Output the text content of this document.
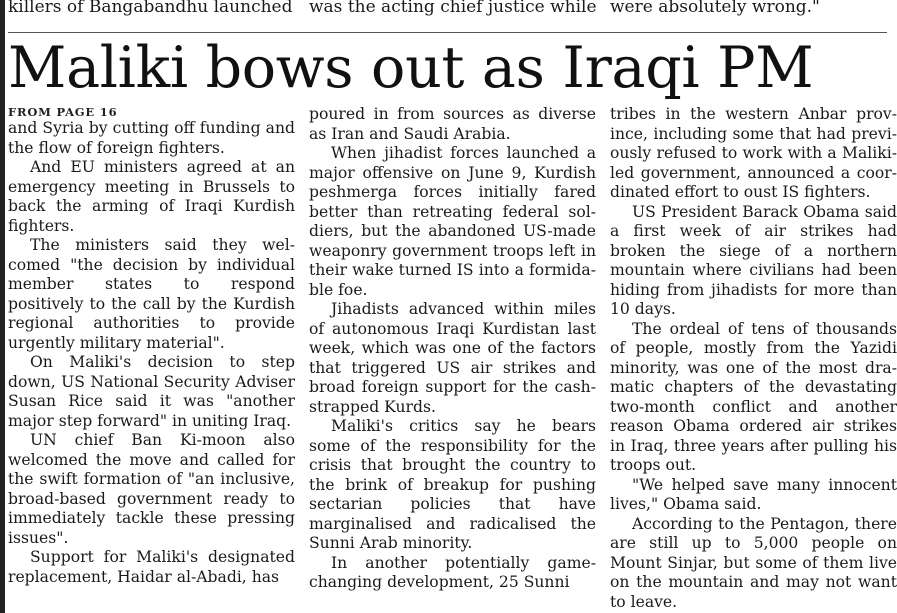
killers of Bangabandhu launched was the acting chief justice while were absolutely wrong."
Maliki bows out as Iraqi PM
FROM PAGE 16

and Syria by cutting off funding and the flow of foreign fighters.

And EU ministers agreed at an emergency meeting in Brussels to back the arming of Iraqi Kurdish fighters.

The ministers said they welcomed "the decision by individual member states to respond positively to the call by the Kurdish regional authorities to provide urgently military material".

On Maliki's decision to step down, US National Security Adviser Susan Rice said it was "another major step forward" in uniting Iraq.

UN chief Ban Ki-moon also welcomed the move and called for the swift formation of "an inclusive, broad-based government ready to immediately tackle these pressing issues".

Support for Maliki's designated replacement, Haidar al-Abadi, has

poured in from sources as diverse as Iran and Saudi Arabia.

When jihadist forces launched a major offensive on June 9, Kurdish peshmerga forces initially fared better than retreating federal soldiers, but the abandoned US-made weaponry government troops left in their wake turned IS into a formidable foe.

Jihadists advanced within miles of autonomous Iraqi Kurdistan last week, which was one of the factors that triggered US air strikes and broad foreign support for the cash-strapped Kurds.

Maliki's critics say he bears some of the responsibility for the crisis that brought the country to the brink of breakup for pushing sectarian policies that have marginalised and radicalised the Sunni Arab minority.

In another potentially game-changing development, 25 Sunni

tribes in the western Anbar province, including some that had previously refused to work with a Maliki-led government, announced a coordinated effort to oust IS fighters.

US President Barack Obama said a first week of air strikes had broken the siege of a northern mountain where civilians had been hiding from jihadists for more than 10 days.

The ordeal of tens of thousands of people, mostly from the Yazidi minority, was one of the most dramatic chapters of the devastating two-month conflict and another reason Obama ordered air strikes in Iraq, three years after pulling his troops out.

"We helped save many innocent lives," Obama said.

According to the Pentagon, there are still up to 5,000 people on Mount Sinjar, but some of them live on the mountain and may not want to leave.
